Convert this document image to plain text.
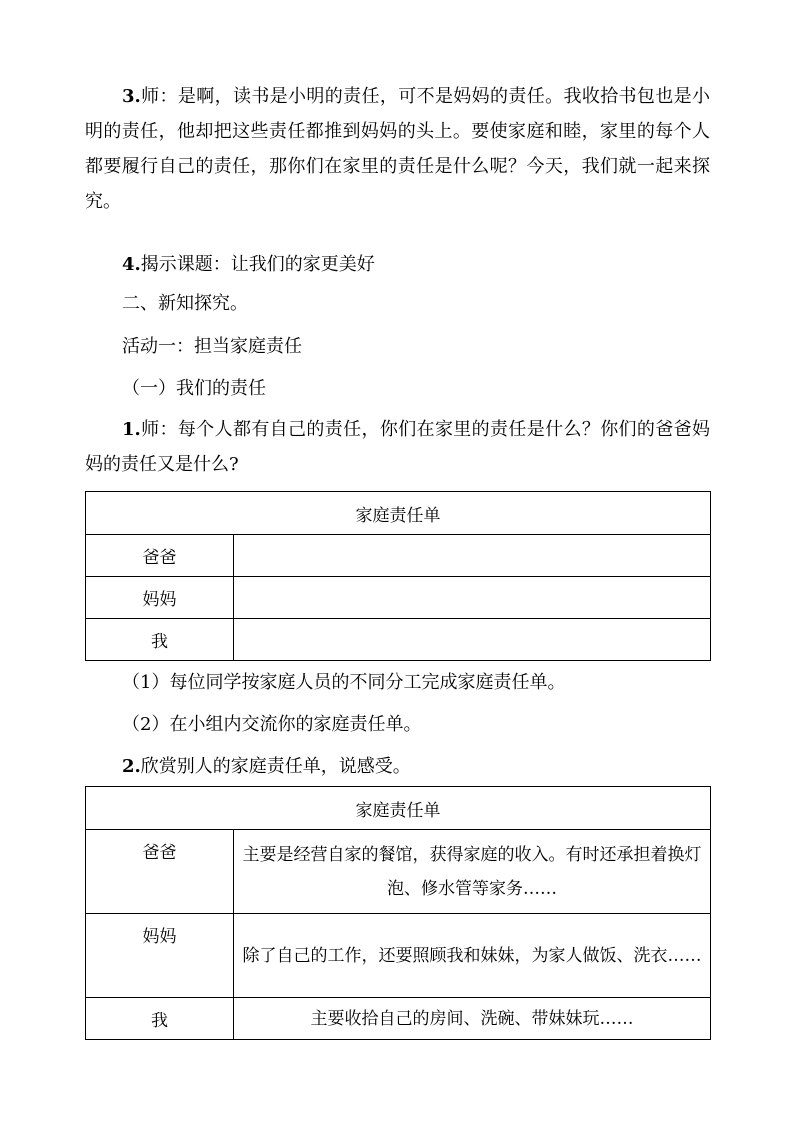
3.师：是啊，读书是小明的责任，可不是妈妈的责任。我收拾书包也是小明的责任，他却把这些责任都推到妈妈的头上。要使家庭和睦，家里的每个人都要履行自己的责任，那你们在家里的责任是什么呢？今天，我们就一起来探究。

4.揭示课题：让我们的家更美好

二、新知探究。

活动一：担当家庭责任

（一）我们的责任

1.师：每个人都有自己的责任，你们在家里的责任是什么？你们的爸爸妈妈的责任又是什么?

家庭责任单	
爸爸	
妈妈	
我	

（1）每位同学按家庭人员的不同分工完成家庭责任单。

（2）在小组内交流你的家庭责任单。

2.欣赏别人的家庭责任单，说感受。

家庭责任单	
爸爸	主要是经营自家的餐馆，获得家庭的收入。有时还承担着换灯泡、修水管等家务……

妈妈	除了自己的工作，还要照顾我和妹妹，为家人做饭、洗衣……

我	主要收拾自己的房间、洗碗、带妹妹玩……
